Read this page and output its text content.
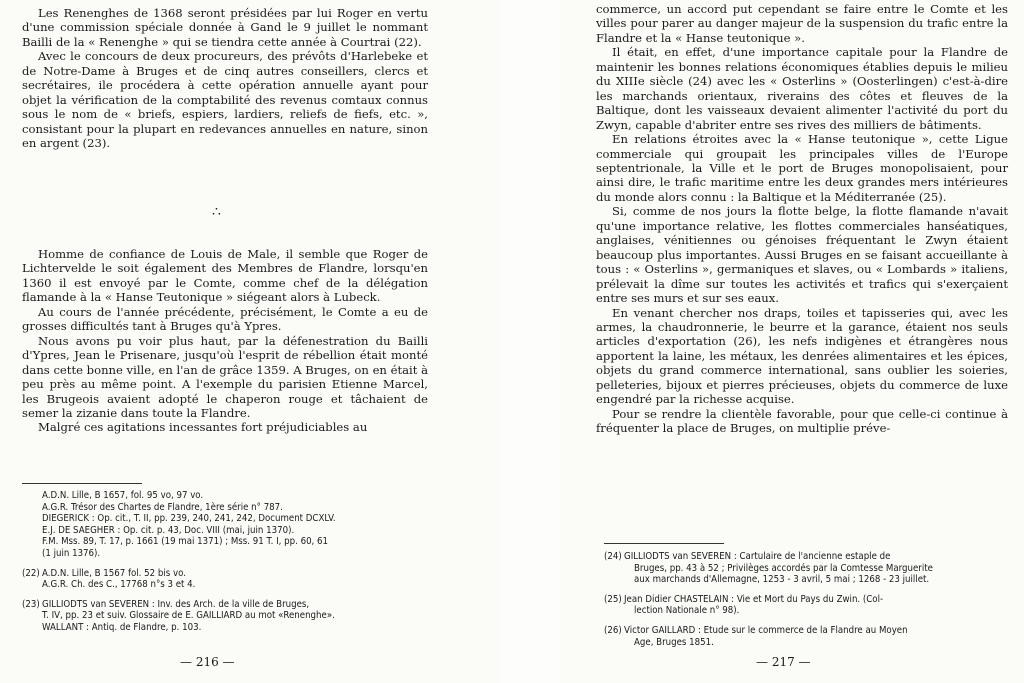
Les Renenghes de 1368 seront présidées par lui Roger en vertu d'une commission spéciale donnée à Gand le 9 juillet le nommant Bailli de la « Renenghe » qui se tiendra cette année à Courtrai (22).

Avec le concours de deux procureurs, des prévôts d'Harlebeke et de Notre-Dame à Bruges et de cinq autres conseillers, clercs et secrétaires, ile procédera à cette opération annuelle ayant pour objet la vérification de la comptabilité des revenus comtaux connus sous le nom de « briefs, espiers, lardiers, reliefs de fiefs, etc. », consistant pour la plupart en redevances annuelles en nature, sinon en argent (23).

∴

Homme de confiance de Louis de Male, il semble que Roger de Lichtervelde le soit également des Membres de Flandre, lorsqu'en 1360 il est envoyé par le Comte, comme chef de la délégation flamande à la « Hanse Teutonique » siégeant alors à Lubeck.

Au cours de l'année précédente, précisément, le Comte a eu de grosses difficultés tant à Bruges qu'à Ypres.

Nous avons pu voir plus haut, par la défenestration du Bailli d'Ypres, Jean le Prisenare, jusqu'où l'esprit de rébellion était monté dans cette bonne ville, en l'an de grâce 1359. A Bruges, on en était à peu près au même point. A l'exemple du parisien Etienne Marcel, les Brugeois avaient adopté le chaperon rouge et tâchaient de semer la zizanie dans toute la Flandre.

Malgré ces agitations incessantes fort préjudiciables au

A.D.N. Lille, B 1657, fol. 95 vo, 97 vo.
A.G.R. Trésor des Chartes de Flandre, 1ère série n° 787.
DIEGERICK : Op. cit., T. II, pp. 239, 240, 241, 242, Document DCXLV.
E.J. DE SAEGHER : Op. cit. p. 43, Doc. VIII (mai, juin 1370).
F.M. Mss. 89, T. 17, p. 1661 (19 mai 1371) ; Mss. 91 T. I, pp. 60, 61
(1 juin 1376).
(22) A.D.N. Lille, B 1567 fol. 52 bis vo.
A.G.R. Ch. des C., 17768 n°s 3 et 4.
(23) GILLIODTS van SEVEREN : Inv. des Arch. de la ville de Bruges,
T. IV, pp. 23 et suiv. Glossaire de E. GAILLIARD au mot «Renenghe».
WALLANT : Antiq. de Flandre, p. 103.
— 216 —

commerce, un accord put cependant se faire entre le Comte et les villes pour parer au danger majeur de la suspension du trafic entre la Flandre et la « Hanse teutonique ».

Il était, en effet, d'une importance capitale pour la Flandre de maintenir les bonnes relations économiques établies depuis le milieu du XIIIe siècle (24) avec les « Osterlins » (Oosterlingen) c'est-à-dire les marchands orientaux, riverains des côtes et fleuves de la Baltique, dont les vaisseaux devaient alimenter l'activité du port du Zwyn, capable d'abriter entre ses rives des milliers de bâtiments.

En relations étroites avec la « Hanse teutonique », cette Ligue commerciale qui groupait les principales villes de l'Europe septentrionale, la Ville et le port de Bruges monopolisaient, pour ainsi dire, le trafic maritime entre les deux grandes mers intérieures du monde alors connu : la Baltique et la Méditerranée (25).

Si, comme de nos jours la flotte belge, la flotte flamande n'avait qu'une importance relative, les flottes commerciales hanséatiques, anglaises, vénitiennes ou génoises fréquentant le Zwyn étaient beaucoup plus importantes. Aussi Bruges en se faisant accueillante à tous : « Osterlins », germaniques et slaves, ou « Lombards » italiens, prélevait la dîme sur toutes les activités et trafics qui s'exerçaient entre ses murs et sur ses eaux.

En venant chercher nos draps, toiles et tapisseries qui, avec les armes, la chaudronnerie, le beurre et la garance, étaient nos seuls articles d'exportation (26), les nefs indigènes et étrangères nous apportent la laine, les métaux, les denrées alimentaires et les épices, objets du grand commerce international, sans oublier les soieries, pelleteries, bijoux et pierres précieuses, objets du commerce de luxe engendré par la richesse acquise.

Pour se rendre la clientèle favorable, pour que celle-ci continue à fréquenter la place de Bruges, on multiplie préve-

(24) GILLIODTS van SEVEREN : Cartulaire de l'ancienne estaple de
Bruges, pp. 43 à 52 ; Privilèges accordés par la Comtesse Marguerite
aux marchands d'Allemagne, 1253 - 3 avril, 5 mai ; 1268 - 23 juillet.
(25) Jean Didier CHASTELAIN : Vie et Mort du Pays du Zwin. (Col-
lection Nationale n° 98).
(26) Victor GAILLARD : Etude sur le commerce de la Flandre au Moyen
Age, Bruges 1851.
— 217 —
